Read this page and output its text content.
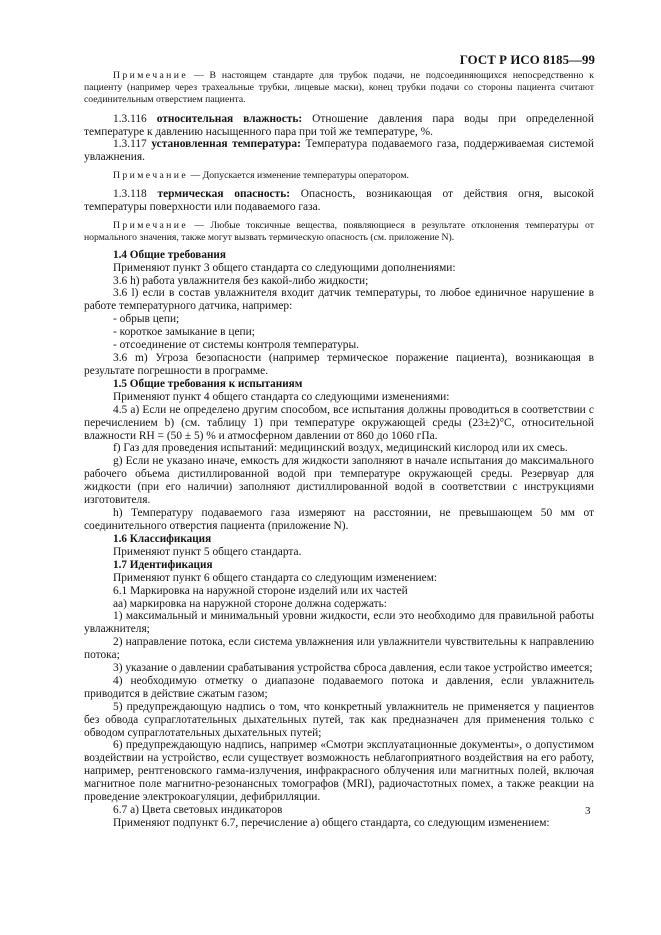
ГОСТ Р ИСО 8185—99

Примечание — В настоящем стандарте для трубок подачи, не подсоединяющихся непосредственно к пациенту (например через трахеальные трубки, лицевые маски), конец трубки подачи со стороны пациента считают соединительным отверстием пациента.

1.3.116 относительная влажность: Отношение давления пара воды при определенной температуре к давлению насыщенного пара при той же температуре, %.

1.3.117 установленная температура: Температура подаваемого газа, поддерживаемая системой увлажнения.

Примечание — Допускается изменение температуры оператором.

1.3.118 термическая опасность: Опасность, возникающая от действия огня, высокой температуры поверхности или подаваемого газа.

Примечание — Любые токсичные вещества, появляющиеся в результате отклонения температуры от нормального значения, также могут вызвать термическую опасность (см. приложение N).

1.4 Общие требования

Применяют пункт 3 общего стандарта со следующими дополнениями:

3.6 h) работа увлажнителя без какой-либо жидкости;

3.6 l) если в состав увлажнителя входит датчик температуры, то любое единичное нарушение в работе температурного датчика, например:

- обрыв цепи;

- короткое замыкание в цепи;

- отсоединение от системы контроля температуры.

3.6 m) Угроза безопасности (например термическое поражение пациента), возникающая в результате погрешности в программе.

1.5 Общие требования к испытаниям

Применяют пункт 4 общего стандарта со следующими изменениями:

4.5 a) Если не определено другим способом, все испытания должны проводиться в соответствии с перечислением b) (см. таблицу 1) при температуре окружающей среды (23±2)°С, относительной влажности RH = (50 ± 5) % и атмосферном давлении от 860 до 1060 гПа.

f) Газ для проведения испытаний: медицинский воздух, медицинский кислород или их смесь.

g) Если не указано иначе, емкость для жидкости заполняют в начале испытания до максимального рабочего объема дистиллированной водой при температуре окружающей среды. Резервуар для жидкости (при его наличии) заполняют дистиллированной водой в соответствии с инструкциями изготовителя.

h) Температуру подаваемого газа измеряют на расстоянии, не превышающем 50 мм от соединительного отверстия пациента (приложение N).

1.6 Классификация

Применяют пункт 5 общего стандарта.

1.7 Идентификация

Применяют пункт 6 общего стандарта со следующим изменением:

6.1 Маркировка на наружной стороне изделий или их частей

aa) маркировка на наружной стороне должна содержать:

1) максимальный и минимальный уровни жидкости, если это необходимо для правильной работы увлажнителя;

2) направление потока, если система увлажнения или увлажнители чувствительны к направлению потока;

3) указание о давлении срабатывания устройства сброса давления, если такое устройство имеется;

4) необходимую отметку о диапазоне подаваемого потока и давления, если увлажнитель приводится в действие сжатым газом;

5) предупреждающую надпись о том, что конкретный увлажнитель не применяется у пациентов без обвода супраглотательных дыхательных путей, так как предназначен для применения только с обводом супраглотательных дыхательных путей;

6) предупреждающую надпись, например «Смотри эксплуатационные документы», о допустимом воздействии на устройство, если существует возможность неблагоприятного воздействия на его работу, например, рентгеновского гамма-излучения, инфракрасного облучения или магнитных полей, включая магнитное поле магнитно-резонансных томографов (MRI), радиочастотных помех, а также реакции на проведение электрокоагуляции, дефибрилляции.

6.7 a) Цвета световых индикаторов

Применяют подпункт 6.7, перечисление a) общего стандарта, со следующим изменением:

3
